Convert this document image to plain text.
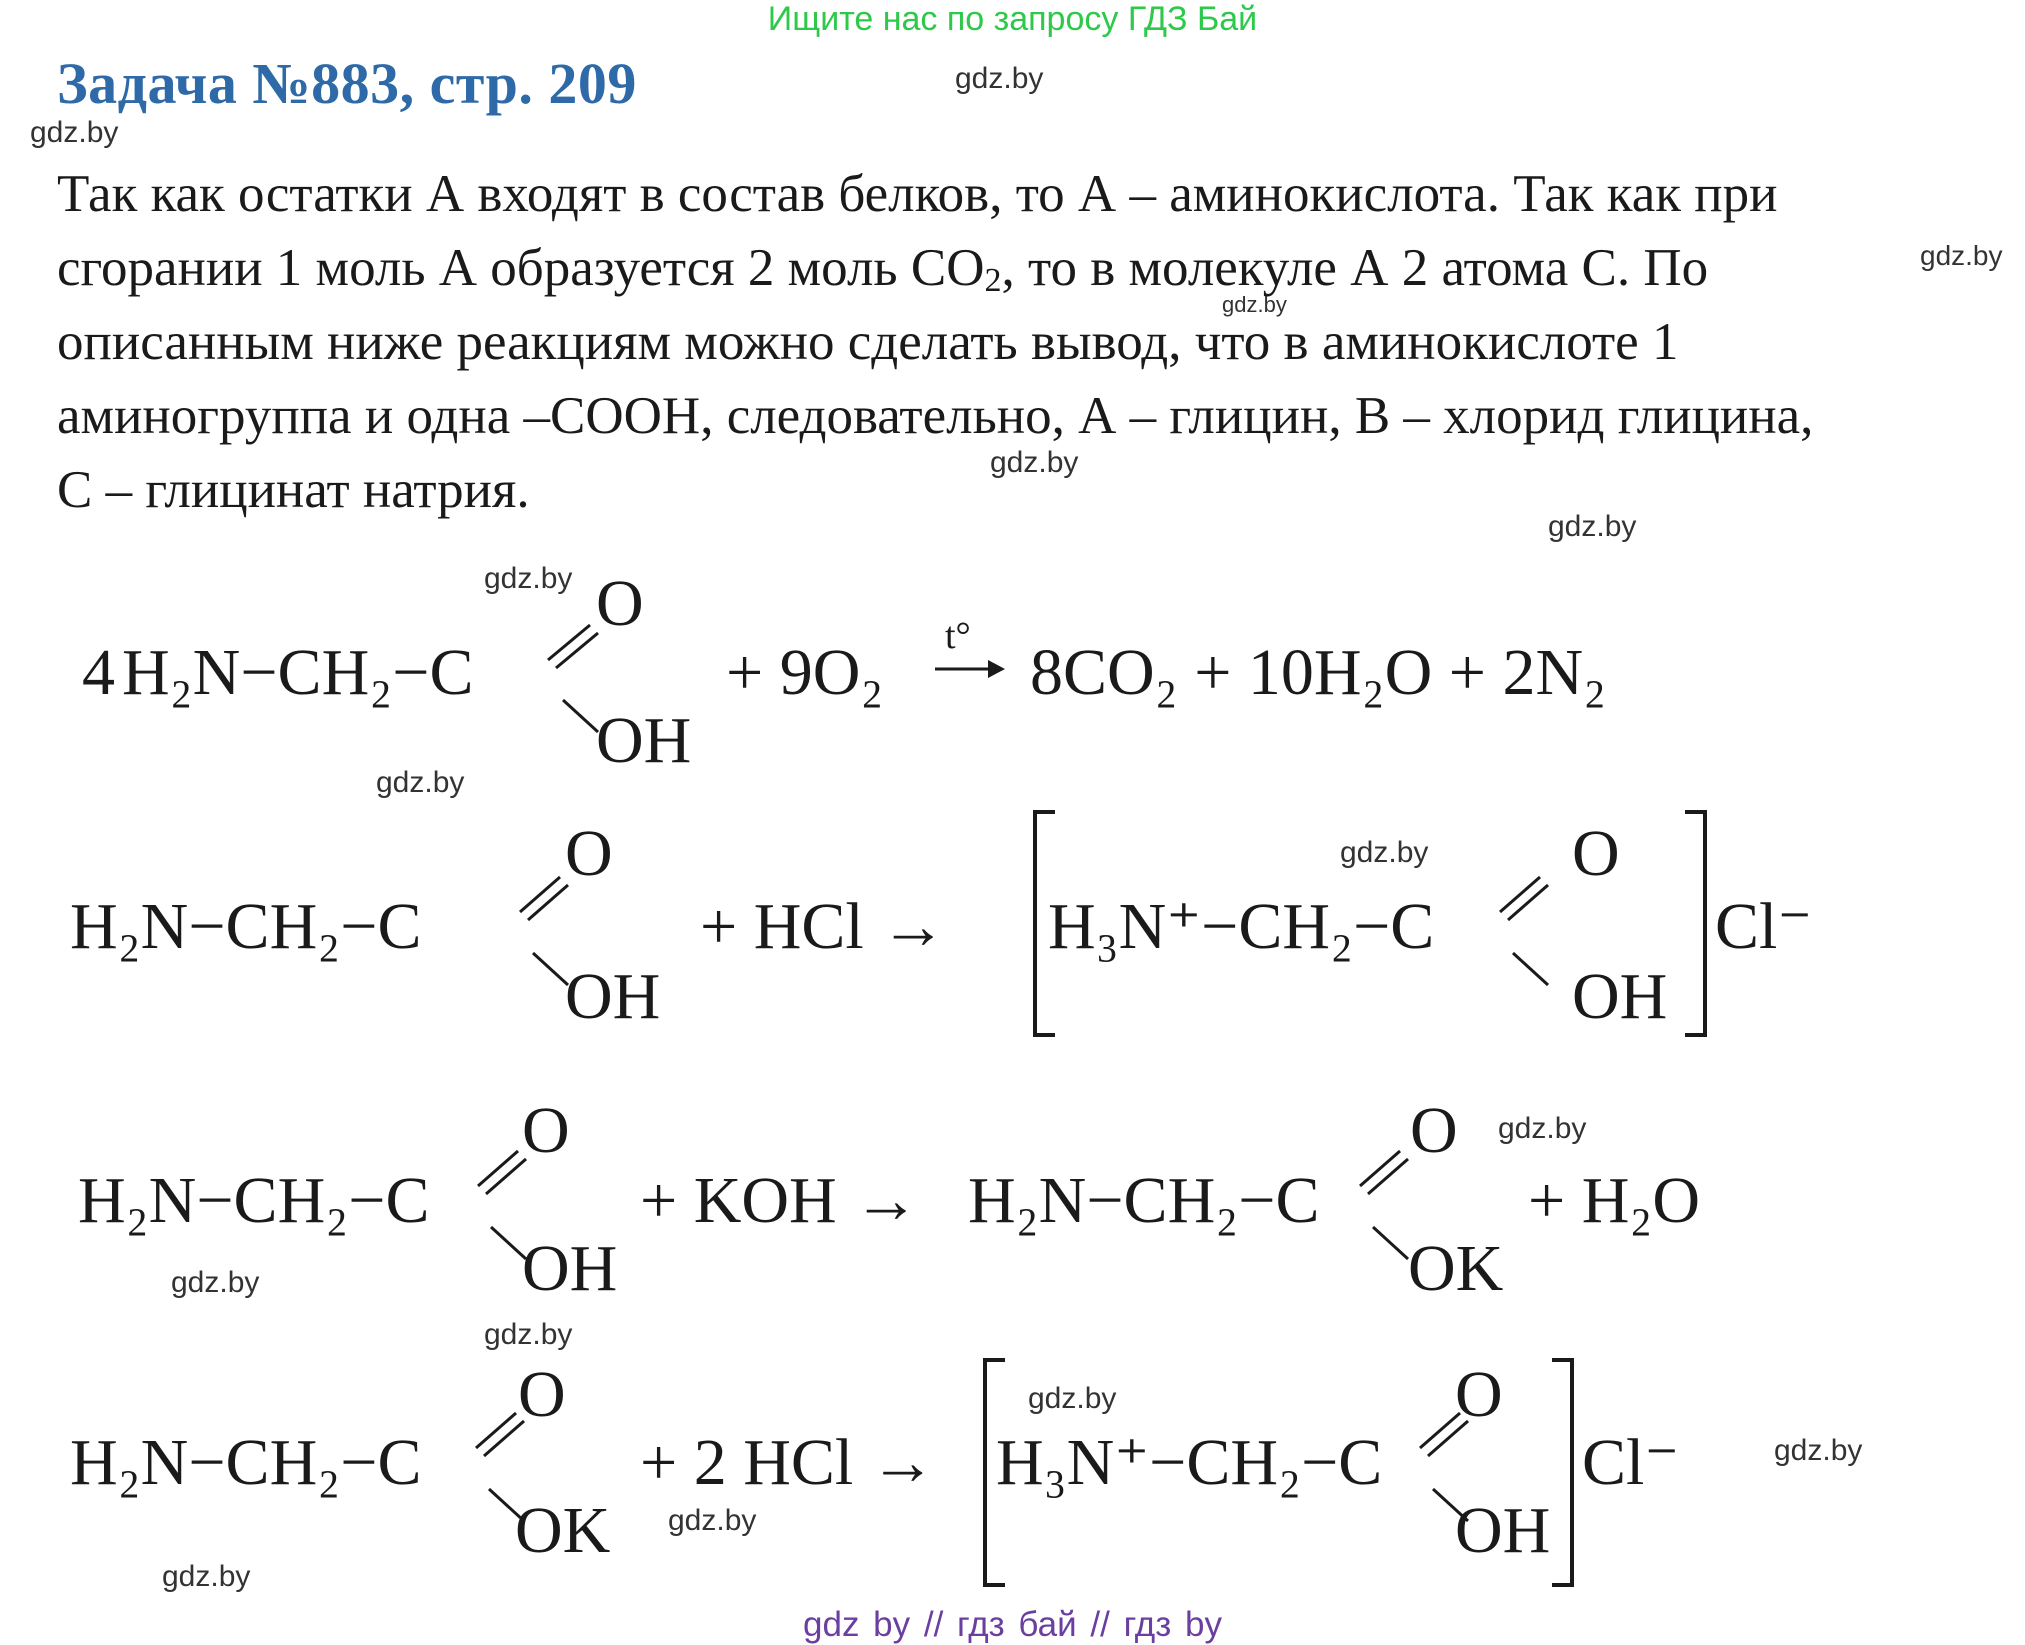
Ищите нас по запросу ГДЗ Бай
Задача №883, стр. 209	gdz.by
gdz.by
gdz.by
gdz.by
gdz.by
gdz.by
gdz.by
gdz.by
gdz.by
gdz.by
gdz.by
gdz.by
gdz.by
gdz.by
gdz.by
gdz.by
Так как остатки А входят в состав белков, то А – аминокислота. Так как при
сгорании 1 моль А образуется 2 моль $СО_2$, то в молекуле А 2 атома С. По
описанным ниже реакциям можно сделать вывод, что в аминокислоте 1
аминогруппа и одна –СООН, следовательно, А – глицин, В – хлорид глицина,
С – глицинат натрия.
4 H₂N−CH₂−C
O
OH
+ 9O₂ t° 8CO₂ + 10H₂O + 2N₂
H₂N−CH₂−C
O
OH
+ HCl → H₃N⁺−CH₂−C
O
OH
Cl⁻
H₂N−CH₂−C
O
OH
+ KOH → H₂N−CH₂−C
O
OK
+ H₂O
H₂N−CH₂−C
O
OK
+ 2 HCl → H₃N⁺−CH₂−C
O
OH
Cl⁻
gdz by // гдз бай // гдз by
